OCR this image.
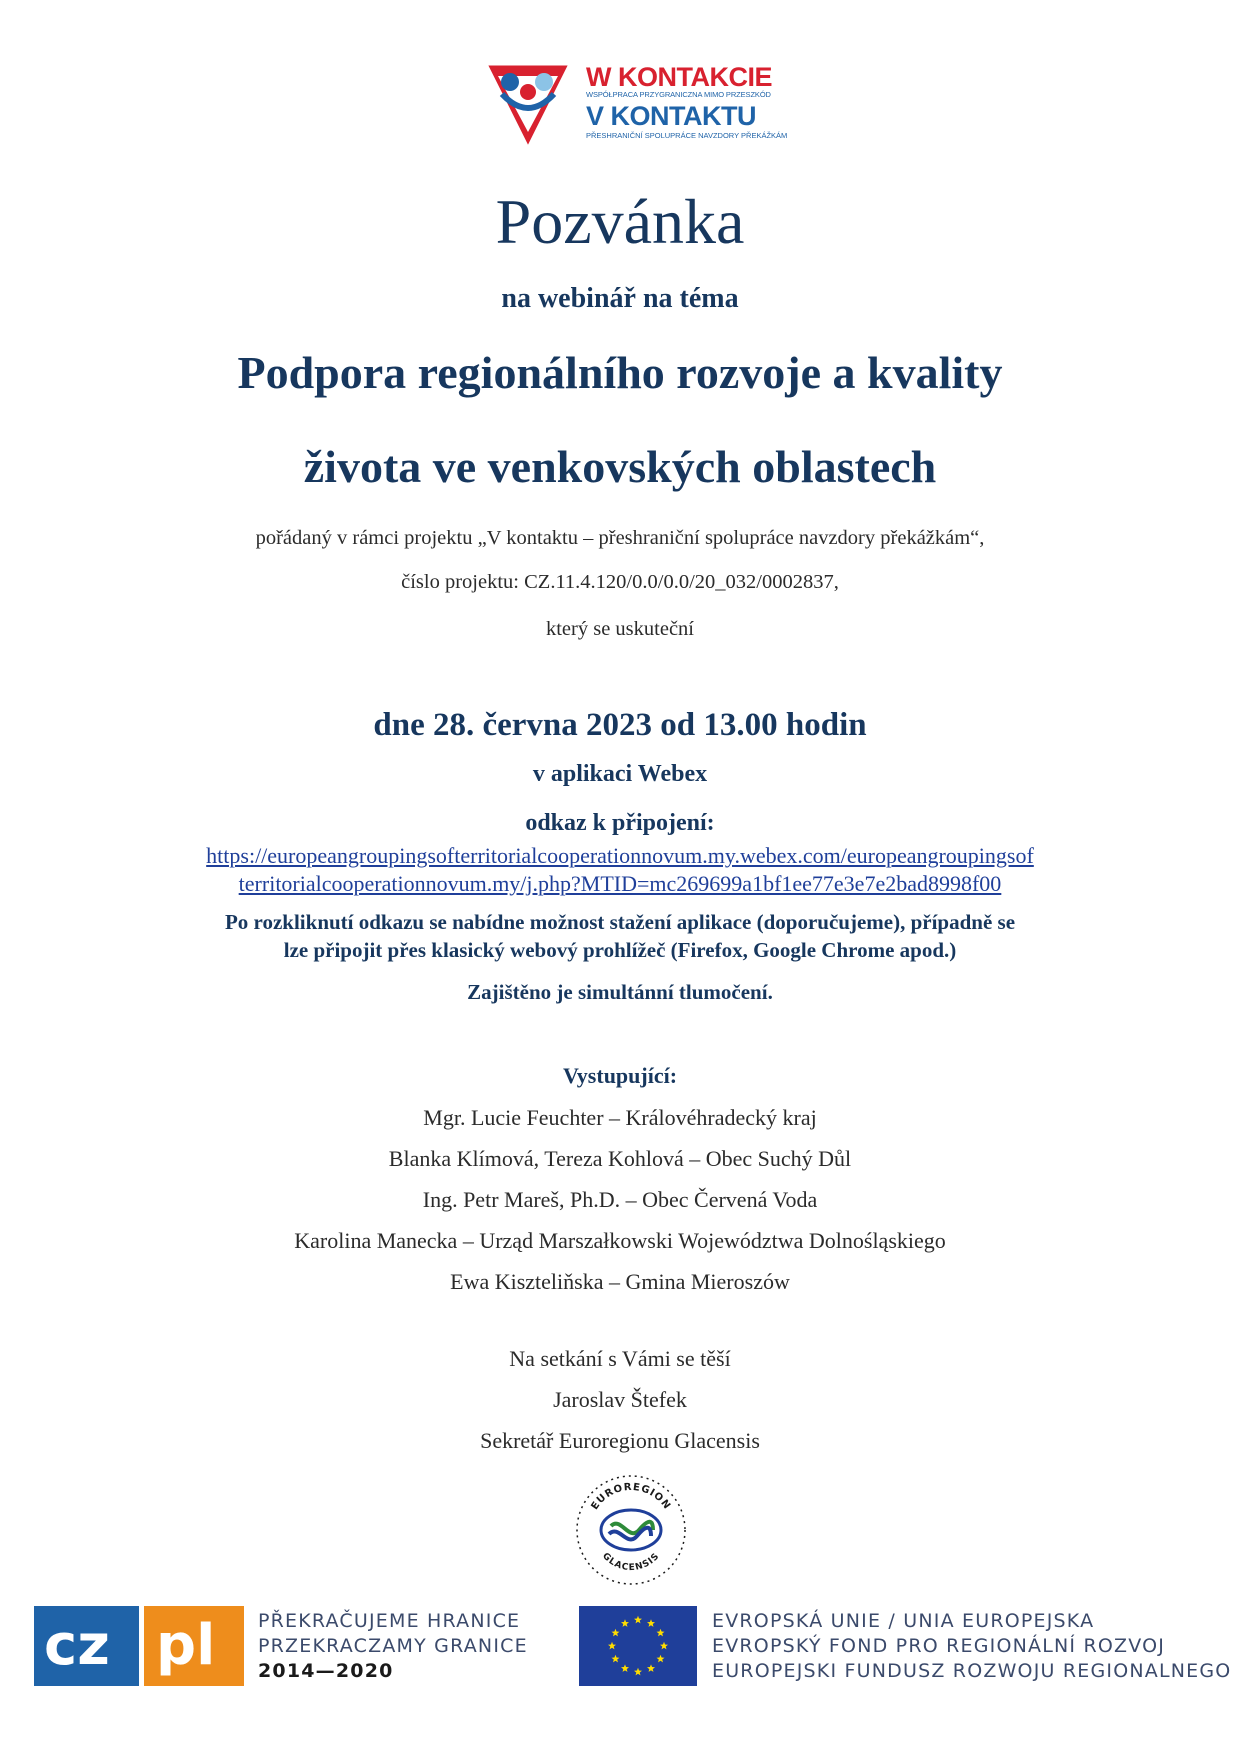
W KONTAKCIE
WSPÓŁPRACA PRZYGRANICZNA MIMO PRZESZKÓD
V KONTAKTU
PŘESHRANIČNÍ SPOLUPRÁCE NAVZDORY PŘEKÁŽKÁM
Pozvánka
na webinář na téma
Podpora regionálního rozvoje a kvality
života ve venkovských oblastech
pořádaný v rámci projektu „V kontaktu – přeshraniční spolupráce navzdory překážkám“,
číslo projektu: CZ.11.4.120/0.0/0.0/20_032/0002837,
který se uskuteční
dne 28. června 2023 od 13.00 hodin
v aplikaci Webex
odkaz k připojení:
https://europeangroupingsofterritorialcooperationnovum.my.webex.com/europeangroupingsof
territorialcooperationnovum.my/j.php?MTID=mc269699a1bf1ee77e3e7e2bad8998f00
Po rozkliknutí odkazu se nabídne možnost stažení aplikace (doporučujeme), případně se
lze připojit přes klasický webový prohlížeč (Firefox, Google Chrome apod.)
Zajištěno je simultánní tlumočení.
Vystupující:
Mgr. Lucie Feuchter – Královéhradecký kraj
Blanka Klímová, Tereza Kohlová – Obec Suchý Důl
Ing. Petr Mareš, Ph.D. – Obec Červená Voda
Karolina Manecka – Urząd Marszałkowski Województwa Dolnośląskiego
Ewa Kiszteliňska – Gmina Mieroszów
Na setkání s Vámi se těší
Jaroslav Štefek
Sekretář Euroregionu Glacensis
EUROREGION
GLACENSIS
cz pl	PŘEKRAČUJEME HRANICE
PRZEKRACZAMY GRANICE
2014—2020
EVROPSKÁ UNIE / UNIA EUROPEJSKA
EVROPSKÝ FOND PRO REGIONÁLNÍ ROZVOJ
EUROPEJSKI FUNDUSZ ROZWOJU REGIONALNEGO
